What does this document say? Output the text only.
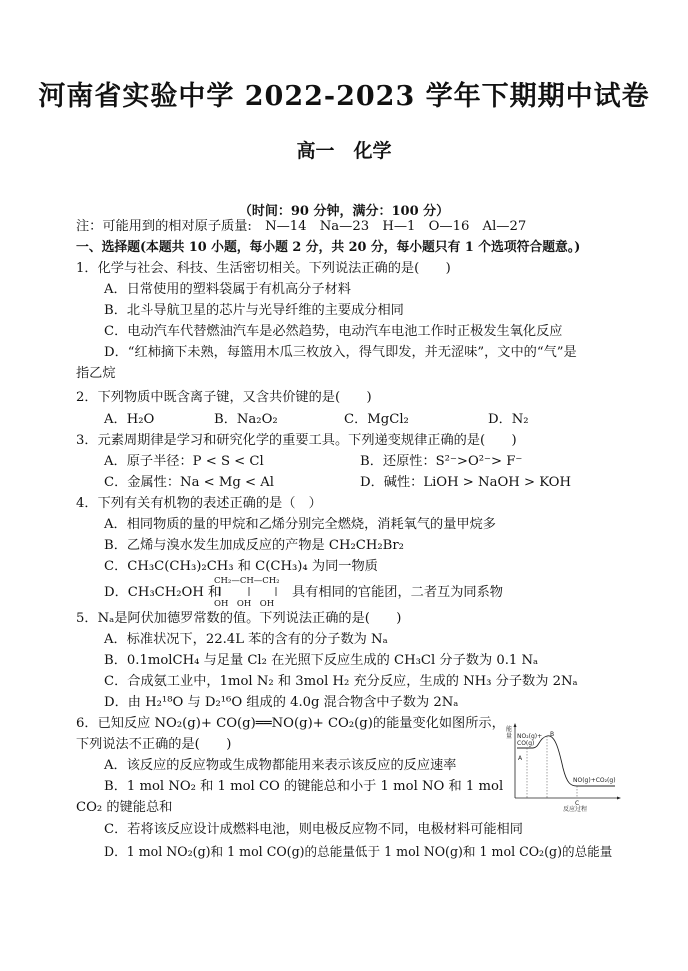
河南省实验中学 2022-2023 学年下期期中试卷
高一　化学
（时间：90 分钟，满分：100 分）
注：可能用到的相对原子质量:　N—14　Na—23　H—1　O—16　Al—27
一、选择题(本题共 10 小题，每小题 2 分，共 20 分，每小题只有 1 个选项符合题意。)
1．化学与社会、科技、生活密切相关。下列说法正确的是(　　)
A．日常使用的塑料袋属于有机高分子材料
B．北斗导航卫星的芯片与光导纤维的主要成分相同
C．电动汽车代替燃油汽车是必然趋势，电动汽车电池工作时正极发生氧化反应
D．“红柿摘下未熟，每篮用木瓜三枚放入，得气即发，并无涩味”，文中的“气”是
指乙烷
2．下列物质中既含离子键，又含共价键的是(　　)
A．H₂O	B．Na₂O₂	C．MgCl₂	D．N₂
3．元素周期律是学习和研究化学的重要工具。下列递变规律正确的是(　　)
A．原子半径：P < S < Cl	B．还原性：S²⁻>O²⁻> F⁻
C．金属性：Na < Mg < Al	D．碱性：LiOH > NaOH > KOH
4．下列有关有机物的表述正确的是（　）
A．相同物质的量的甲烷和乙烯分别完全燃烧，消耗氧气的量甲烷多
B．乙烯与溴水发生加成反应的产物是 CH₂CH₂Br₂
C．CH₃C(CH₃)₂CH₃ 和 C(CH₃)₄ 为同一物质
D．CH₃CH₂OH 和
CH₂—CH—CH₂
OH　OH　OH
具有相同的官能团，二者互为同系物
5．Nₐ是阿伏加德罗常数的值。下列说法正确的是(　　)
A．标准状况下，22.4L 苯的含有的分子数为 Nₐ
B．0.1molCH₄ 与足量 Cl₂ 在光照下反应生成的 CH₃Cl 分子数为 0.1 Nₐ
C．合成氨工业中，1mol N₂ 和 3mol H₂ 充分反应，生成的 NH₃ 分子数为 2Nₐ
D．由 H₂¹⁸O 与 D₂¹⁶O 组成的 4.0g 混合物含中子数为 2Nₐ
6．已知反应 NO₂(g)+ CO(g)══NO(g)+ CO₂(g)的能量变化如图所示，
下列说法不正确的是(　　)
A．该反应的反应物或生成物都能用来表示该反应的反应速率
B．1 mol NO₂ 和 1 mol CO 的键能总和小于 1 mol NO 和 1 mol
CO₂ 的键能总和
C．若将该反应设计成燃料电池，则电极反应物不同，电极材料可能相同
D．1 mol NO₂(g)和 1 mol CO(g)的总能量低于 1 mol NO(g)和 1 mol CO₂(g)的总能量
能
量 NO₂(g)+
CO(g)
A
B
C
NO(g)+CO₂(g)
反应过程
